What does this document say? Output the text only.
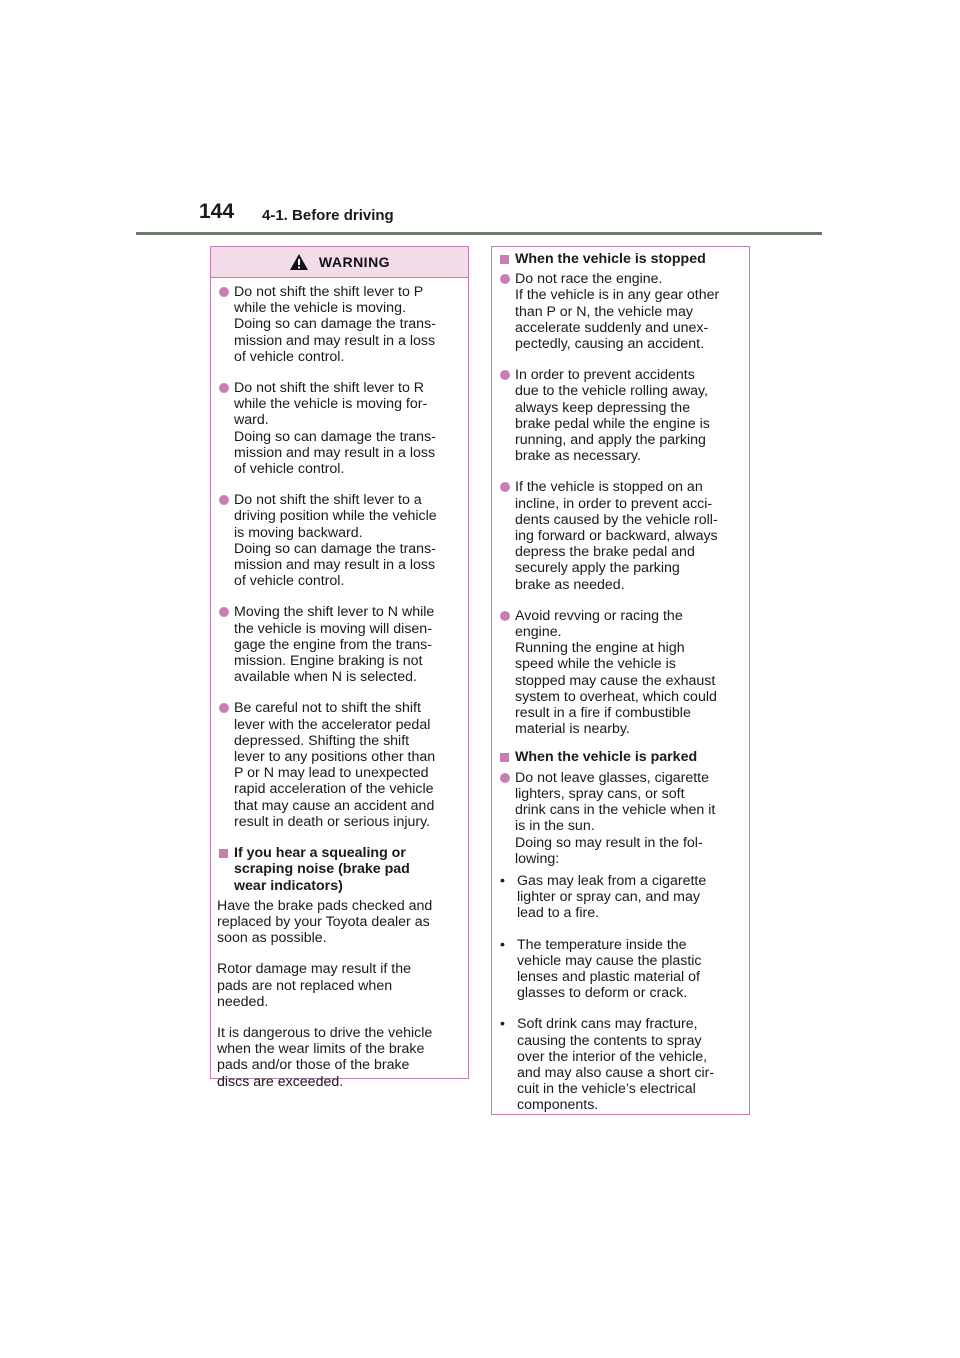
144 4-1. Before driving
WARNING
Do not shift the shift lever to P
while the vehicle is moving.
Doing so can damage the trans-
mission and may result in a loss
of vehicle control.
Do not shift the shift lever to R
while the vehicle is moving for-
ward.
Doing so can damage the trans-
mission and may result in a loss
of vehicle control.
Do not shift the shift lever to a
driving position while the vehicle
is moving backward.
Doing so can damage the trans-
mission and may result in a loss
of vehicle control.
Moving the shift lever to N while
the vehicle is moving will disen-
gage the engine from the trans-
mission. Engine braking is not
available when N is selected.
Be careful not to shift the shift
lever with the accelerator pedal
depressed. Shifting the shift
lever to any positions other than
P or N may lead to unexpected
rapid acceleration of the vehicle
that may cause an accident and
result in death or serious injury.
If you hear a squealing or
scraping noise (brake pad
wear indicators)

Have the brake pads checked and
replaced by your Toyota dealer as
soon as possible.

Rotor damage may result if the
pads are not replaced when
needed.

It is dangerous to drive the vehicle
when the wear limits of the brake
pads and/or those of the brake
discs are exceeded.

When the vehicle is stopped
Do not race the engine.
If the vehicle is in any gear other
than P or N, the vehicle may
accelerate suddenly and unex-
pectedly, causing an accident.
In order to prevent accidents
due to the vehicle rolling away,
always keep depressing the
brake pedal while the engine is
running, and apply the parking
brake as necessary.
If the vehicle is stopped on an
incline, in order to prevent acci-
dents caused by the vehicle roll-
ing forward or backward, always
depress the brake pedal and
securely apply the parking
brake as needed.
Avoid revving or racing the
engine.
Running the engine at high
speed while the vehicle is
stopped may cause the exhaust
system to overheat, which could
result in a fire if combustible
material is nearby.
When the vehicle is parked
Do not leave glasses, cigarette
lighters, spray cans, or soft
drink cans in the vehicle when it
is in the sun.
Doing so may result in the fol-
lowing:
• Gas may leak from a cigarette
lighter or spray can, and may
lead to a fire.
• The temperature inside the
vehicle may cause the plastic
lenses and plastic material of
glasses to deform or crack.
• Soft drink cans may fracture,
causing the contents to spray
over the interior of the vehicle,
and may also cause a short cir-
cuit in the vehicle’s electrical
components.
